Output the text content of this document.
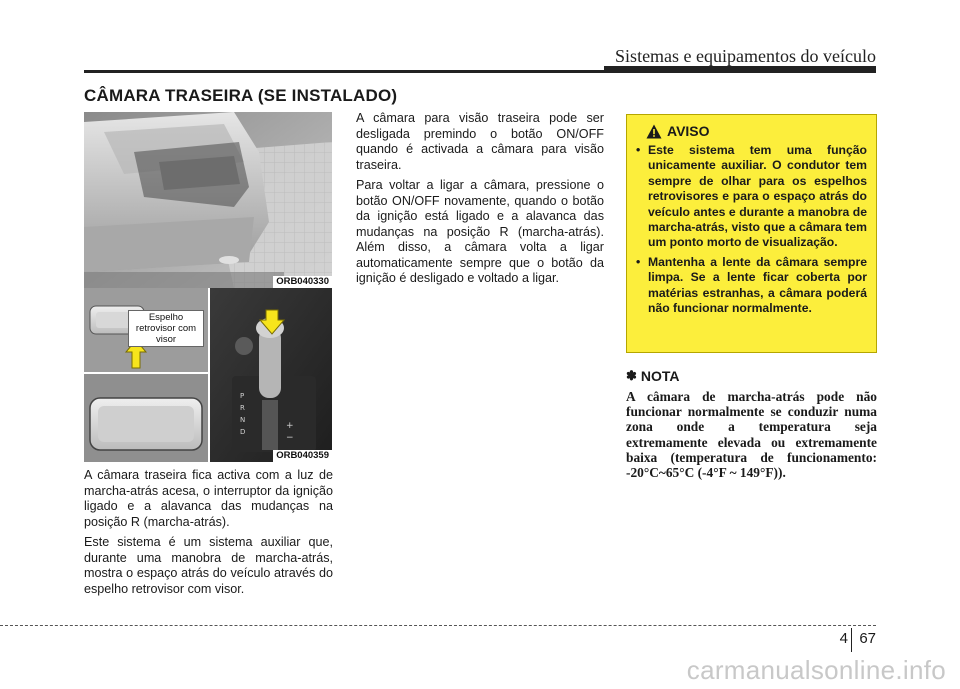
Sistemas e equipamentos do veículo
CÂMARA TRASEIRA (SE INSTALADO)
ORB040330
P
R
N
D
+
−
Espelho retrovisor com visor
ORB040359

A câmara traseira fica activa com a luz de marcha-atrás acesa, o interruptor da ignição ligado e a alavanca das mudanças na posição R (marcha-atrás).

Este sistema é um sistema auxiliar que, durante uma manobra de marcha-atrás, mostra o espaço atrás do veículo através do espelho retrovisor com visor.

A câmara para visão traseira pode ser desligada premindo o botão ON/OFF quando é activada a câmara para visão traseira.

Para voltar a ligar a câmara, pressione o botão ON/OFF novamente, quando o botão da ignição está ligado e a alavanca das mudanças na posição R (marcha-atrás). Além disso, a câmara volta a ligar automaticamente sempre que o botão da ignição é desligado e voltado a ligar.

AVISO
• Este sistema tem uma função unicamente auxiliar. O condutor tem sempre de olhar para os espelhos retrovisores e para o espaço atrás do veículo antes e durante a manobra de marcha-atrás, visto que a câmara tem um ponto morto de visualização.
• Mantenha a lente da câmara sempre limpa. Se a lente ficar coberta por matérias estranhas, a câmara poderá não funcionar normalmente.
✽ NOTA
A câmara de marcha-atrás pode não funcionar normalmente se conduzir numa zona onde a temperatura seja extremamente elevada ou extremamente baixa (temperatura de funcionamento: -20°C~65°C (-4°F ~ 149°F)).
4 67
carmanualsonline.info
